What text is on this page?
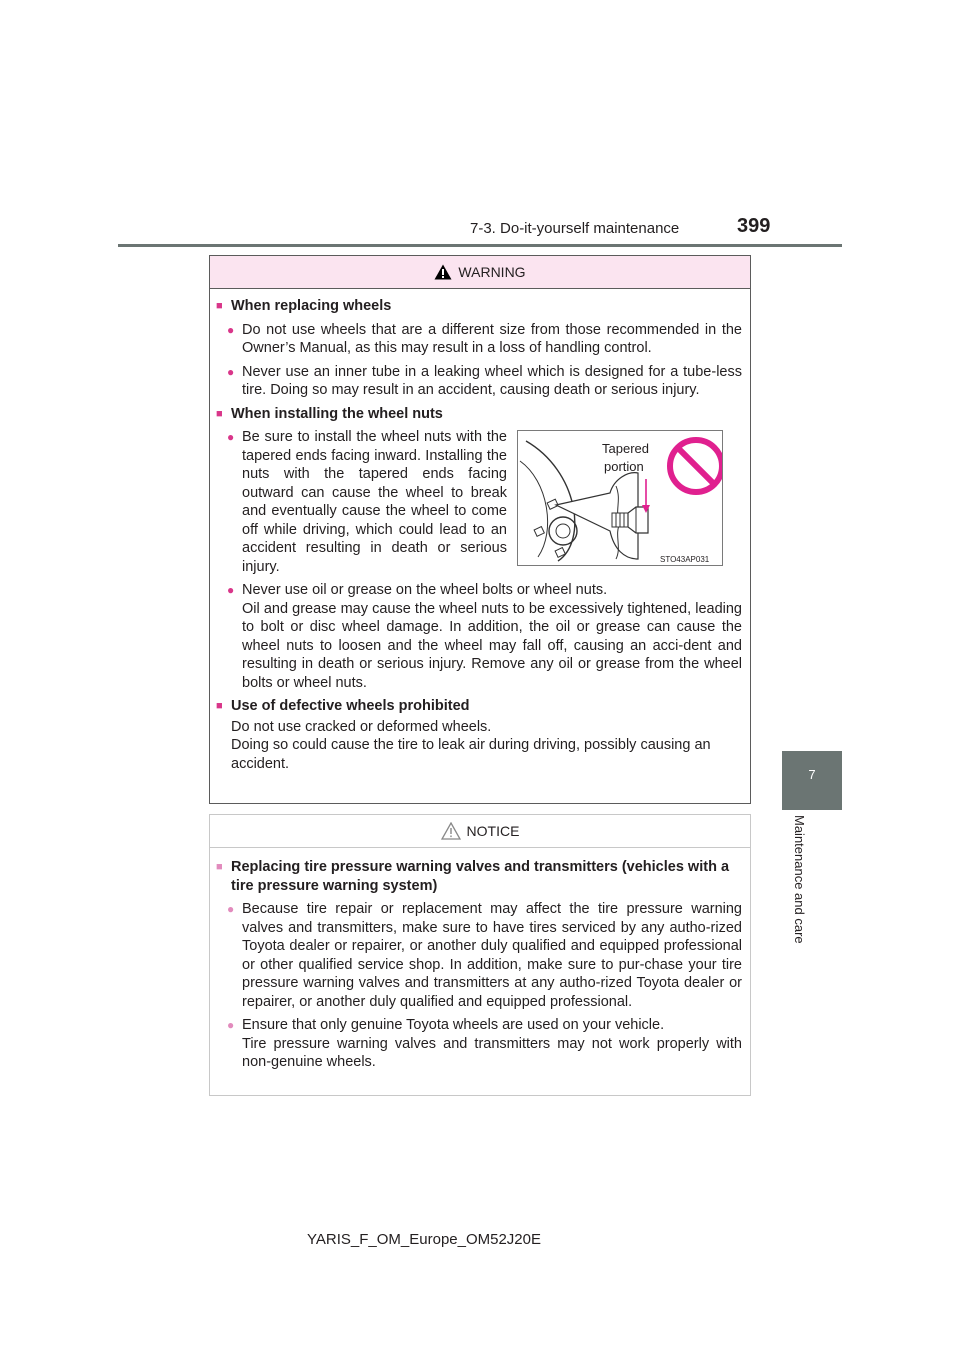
7-3. Do-it-yourself maintenance	399
7
Maintenance and care
WARNING
■ When replacing wheels
● Do not use wheels that are a different size from those recommended in the Owner’s Manual, as this may result in a loss of handling control.
● Never use an inner tube in a leaking wheel which is designed for a tube-less tire. Doing so may result in an accident, causing death or serious injury.
■ When installing the wheel nuts
● Be sure to install the wheel nuts with the tapered ends facing inward. Installing the nuts with the tapered ends facing outward can cause the wheel to break and eventually cause the wheel to come off while driving, which could lead to an accident resulting in death or serious injury.
Tapered
portion
STO43AP031
● Never use oil or grease on the wheel bolts or wheel nuts.
Oil and grease may cause the wheel nuts to be excessively tightened, leading to bolt or disc wheel damage. In addition, the oil or grease can cause the wheel nuts to loosen and the wheel may fall off, causing an acci-dent and resulting in death or serious injury. Remove any oil or grease from the wheel bolts or wheel nuts.
■ Use of defective wheels prohibited
Do not use cracked or deformed wheels.
Doing so could cause the tire to leak air during driving, possibly causing an accident.
NOTICE
■ Replacing tire pressure warning valves and transmitters (vehicles with a tire pressure warning system)
● Because tire repair or replacement may affect the tire pressure warning valves and transmitters, make sure to have tires serviced by any autho-rized Toyota dealer or repairer, or another duly qualified and equipped professional or other qualified service shop. In addition, make sure to pur-chase your tire pressure warning valves and transmitters at any autho-rized Toyota dealer or repairer, or another duly qualified and equipped professional.
● Ensure that only genuine Toyota wheels are used on your vehicle.
Tire pressure warning valves and transmitters may not work properly with non-genuine wheels.
YARIS_F_OM_Europe_OM52J20E
